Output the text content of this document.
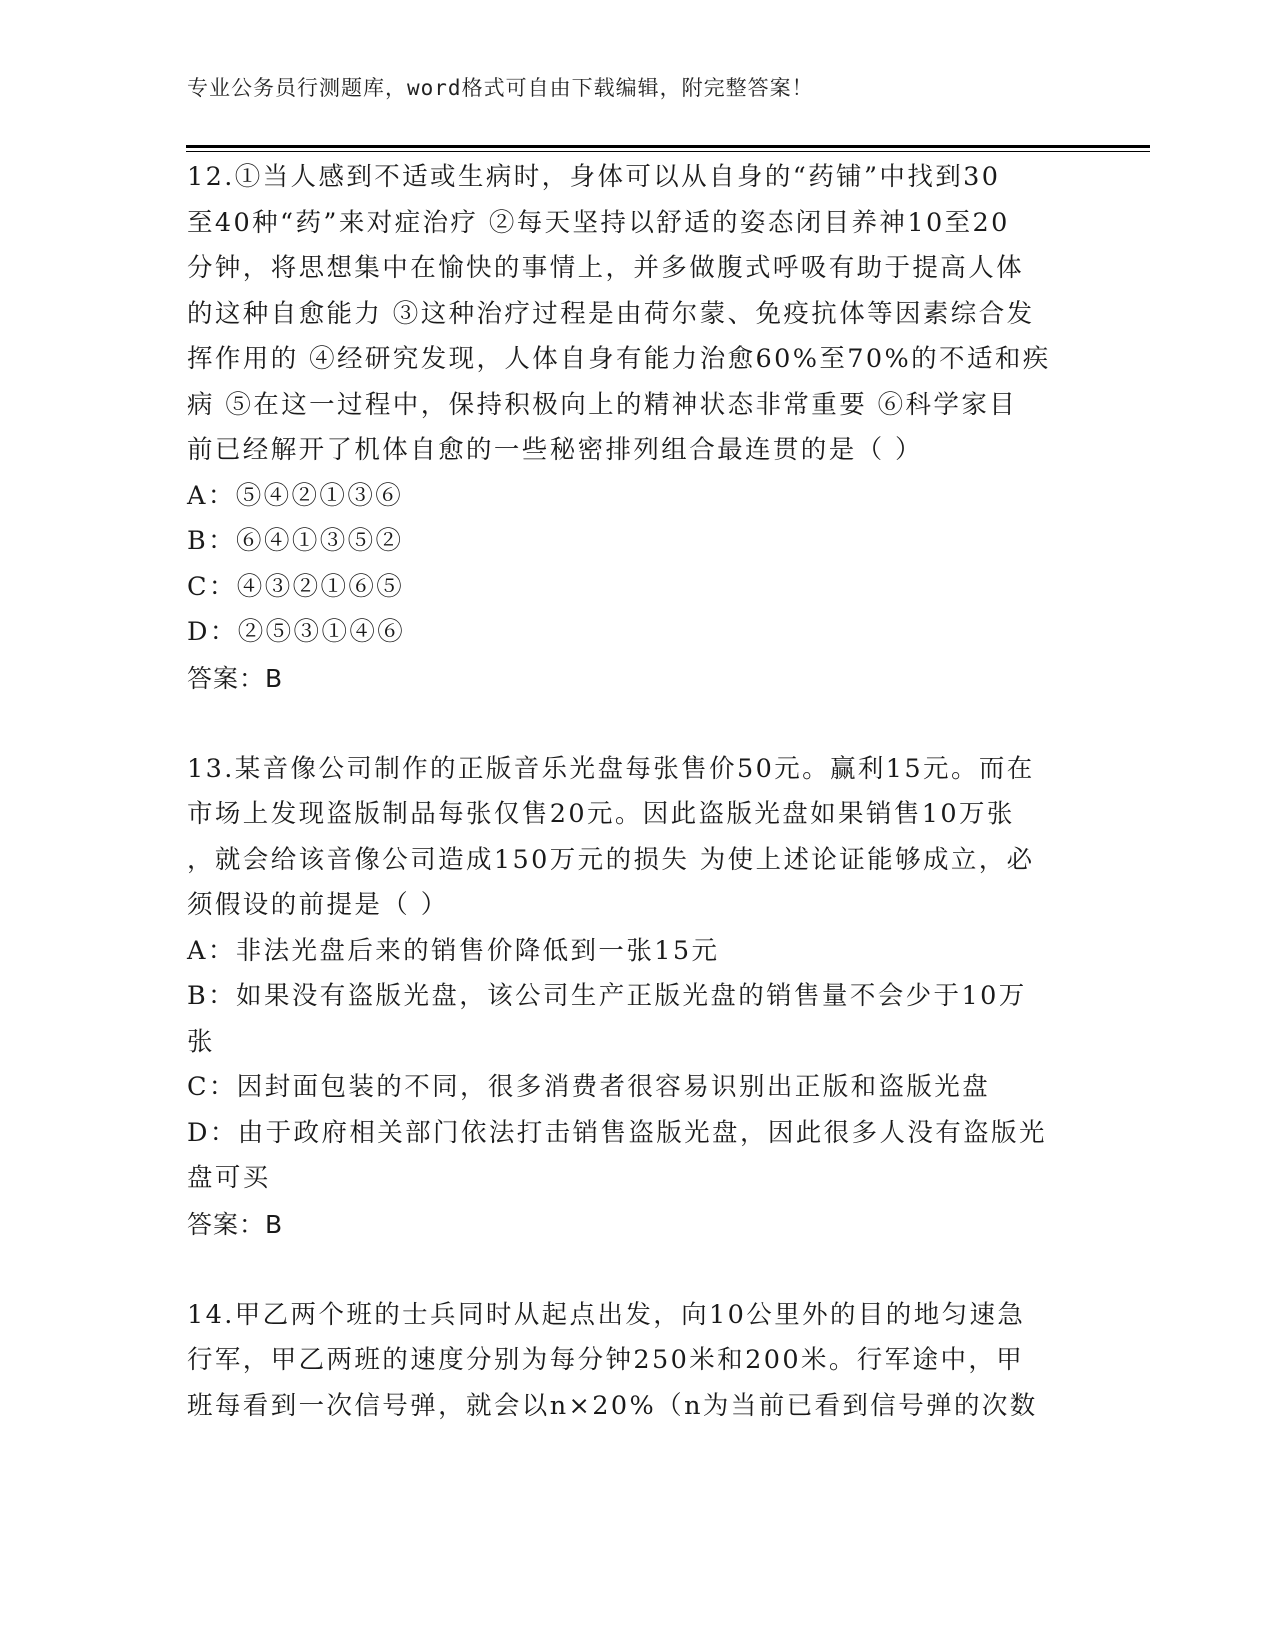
专业公务员行测题库，word格式可自由下载编辑，附完整答案！
12.①当人感到不适或生病时，身体可以从自身的“药铺”中找到30
至40种“药”来对症治疗 ②每天坚持以舒适的姿态闭目养神10至20
分钟，将思想集中在愉快的事情上，并多做腹式呼吸有助于提高人体
的这种自愈能力 ③这种治疗过程是由荷尔蒙、免疫抗体等因素综合发
挥作用的 ④经研究发现，人体自身有能力治愈60%至70%的不适和疾
病 ⑤在这一过程中，保持积极向上的精神状态非常重要 ⑥科学家目
前已经解开了机体自愈的一些秘密排列组合最连贯的是（ ）
A：⑤④②①③⑥
B：⑥④①③⑤②
C：④③②①⑥⑤
D：②⑤③①④⑥
答案：B
13.某音像公司制作的正版音乐光盘每张售价50元。赢利15元。而在
市场上发现盗版制品每张仅售20元。因此盗版光盘如果销售10万张
，就会给该音像公司造成150万元的损失 为使上述论证能够成立，必
须假设的前提是（ ）
A：非法光盘后来的销售价降低到一张15元
B：如果没有盗版光盘，该公司生产正版光盘的销售量不会少于10万
张
C：因封面包装的不同，很多消费者很容易识别出正版和盗版光盘
D：由于政府相关部门依法打击销售盗版光盘，因此很多人没有盗版光
盘可买
答案：B
14.甲乙两个班的士兵同时从起点出发，向10公里外的目的地匀速急
行军，甲乙两班的速度分别为每分钟250米和200米。行军途中，甲
班每看到一次信号弹，就会以n×20%（n为当前已看到信号弹的次数
